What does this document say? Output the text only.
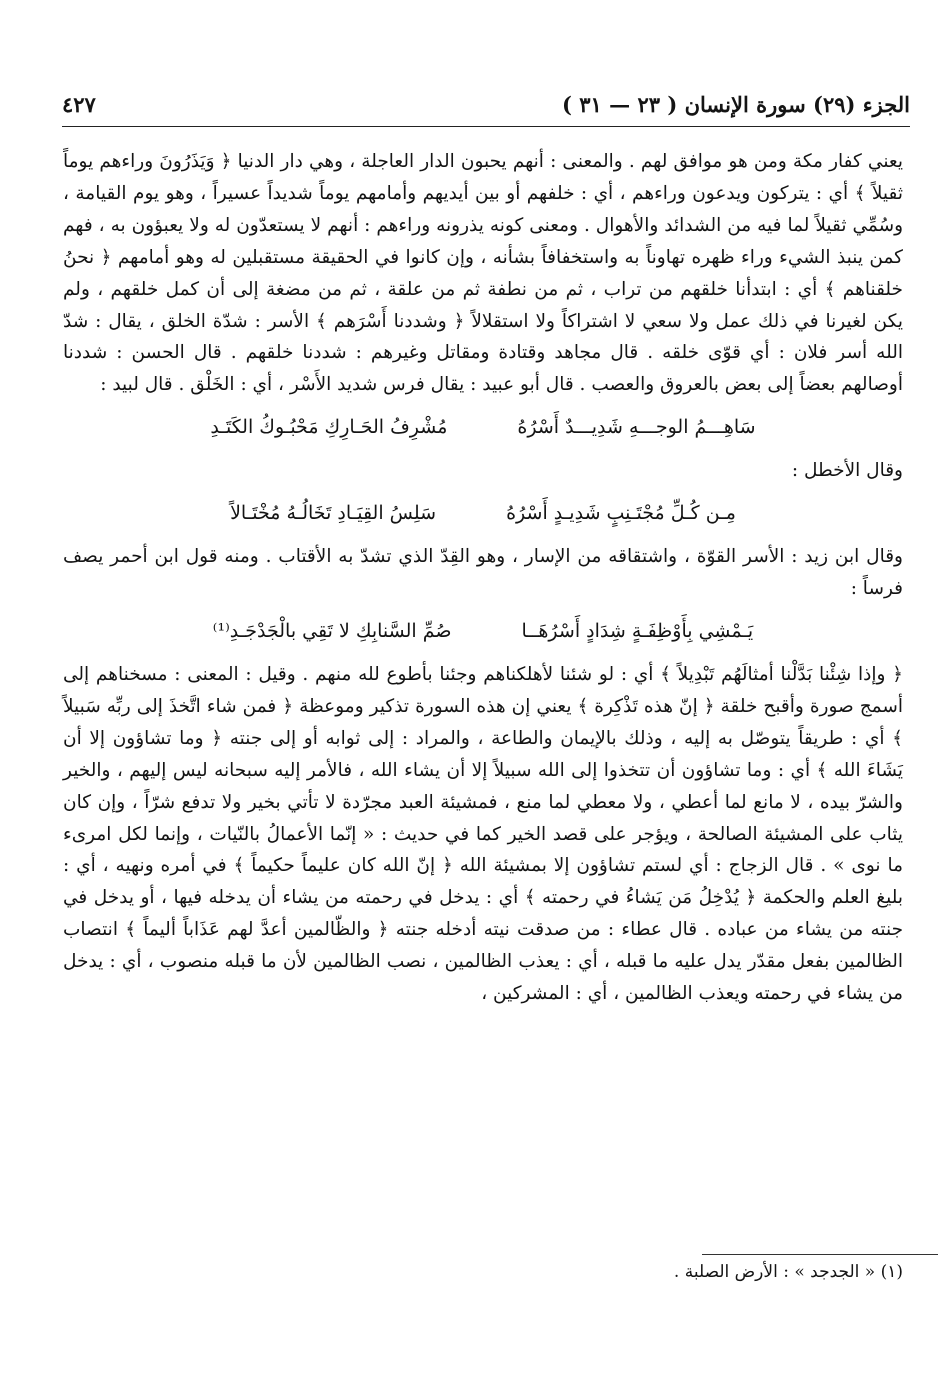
الجزء (٢٩) سورة الإنسان ( ٢٣ — ٣١ )
٤٢٧

يعني كفار مكة ومن هو موافق لهم . والمعنى : أنهم يحبون الدار العاجلة ، وهي دار الدنيا ﴿ وَيَذَرُونَ وراءهم يوماً ثقيلاً ﴾ أي : يتركون ويدعون وراءهم ، أي : خلفهم أو بين أيديهم وأمامهم يوماً شديداً عسيراً ، وهو يوم القيامة ، وسُمِّي ثقيلاً لما فيه من الشدائد والأهوال . ومعنى كونه يذرونه وراءهم : أنهم لا يستعدّون له ولا يعبؤون به ، فهم كمن ينبذ الشيء وراء ظهره تهاوناً به واستخفافاً بشأنه ، وإن كانوا في الحقيقة مستقبلين له وهو أمامهم ﴿ نحنُ خلقناهم ﴾ أي : ابتدأنا خلقهم من تراب ، ثم من نطفة ثم من علقة ، ثم من مضغة إلى أن كمل خلقهم ، ولم يكن لغيرنا في ذلك عمل ولا سعي لا اشتراكاً ولا استقلالاً ﴿ وشددنا أَسْرَهم ﴾ الأسر : شدّة الخلق ، يقال : شدّ الله أسر فلان : أي قوّى خلقه . قال مجاهد وقتادة ومقاتل وغيرهم : شددنا خلقهم . قال الحسن : شددنا أوصالهم بعضاً إلى بعض بالعروق والعصب . قال أبو عبيد : يقال فرس شديد الأَسْر ، أي : الخَلْق . قال لبيد :

سَاهِـــمُ الوجـــهِ شَدِيـــدٌ أَسْرُهُ
مُشْرِفُ الحَـارِكِ مَحْبُـوكُ الكَتَـدِ

وقال الأخطل :

مِـن كُـلِّ مُجْتَـنِبٍ شَدِيـدٍ أَسْرُهُ
سَلِسُ القِيَـادِ تَخَالُـهُ مُخْتَـالاً

وقال ابن زيد : الأسر القوّة ، واشتقاقه من الإسار ، وهو القِدّ الذي تشدّ به الأقتاب . ومنه قول ابن أحمر يصف فرساً :

يَـمْشِي بِأَوْظِفَـةٍ شِدَادٍ أَسْرُهَــا
صُمِّ السَّنابِكِ لا تَقِي بالْجَدْجَـدِ⁽¹⁾

﴿ وإذا شِئْنا بَدَّلْنا أمثالَهُم تَبْدِيلاً ﴾ أي : لو شئنا لأهلكناهم وجئنا بأطوع لله منهم . وقيل : المعنى : مسخناهم إلى أسمج صورة وأقبح خلقة ﴿ إنّ هذه تَذْكِرة ﴾ يعني إن هذه السورة تذكير وموعظة ﴿ فمن شاء اتَّخذَ إلى ربِّه سَبيلاً ﴾ أي : طريقاً يتوصّل به إليه ، وذلك بالإيمان والطاعة ، والمراد : إلى ثوابه أو إلى جنته ﴿ وما تشاؤون إلا أن يَشَاءَ الله ﴾ أي : وما تشاؤون أن تتخذوا إلى الله سبيلاً إلا أن يشاء الله ، فالأمر إليه سبحانه ليس إليهم ، والخير والشرّ بيده ، لا مانع لما أعطي ، ولا معطي لما منع ، فمشيئة العبد مجرّدة لا تأتي بخير ولا تدفع شرّاً ، وإن كان يثاب على المشيئة الصالحة ، ويؤجر على قصد الخير كما في حديث : « إنّما الأعمالُ بالنّيات ، وإنما لكل امرىء ما نوى » . قال الزجاج : أي لستم تشاؤون إلا بمشيئة الله ﴿ إنّ الله كان عليماً حكيماً ﴾ في أمره ونهيه ، أي : بليغ العلم والحكمة ﴿ يُدْخِلُ مَن يَشاءُ في رحمته ﴾ أي : يدخل في رحمته من يشاء أن يدخله فيها ، أو يدخل في جنته من يشاء من عباده . قال عطاء : من صدقت نيته أدخله جنته ﴿ والظّالمين أعدَّ لهم عَذَاباً أليماً ﴾ انتصاب الظالمين بفعل مقدّر يدل عليه ما قبله ، أي : يعذب الظالمين ، نصب الظالمين لأن ما قبله منصوب ، أي : يدخل من يشاء في رحمته ويعذب الظالمين ، أي : المشركين ،

(١) « الجدجد » : الأرض الصلبة .
